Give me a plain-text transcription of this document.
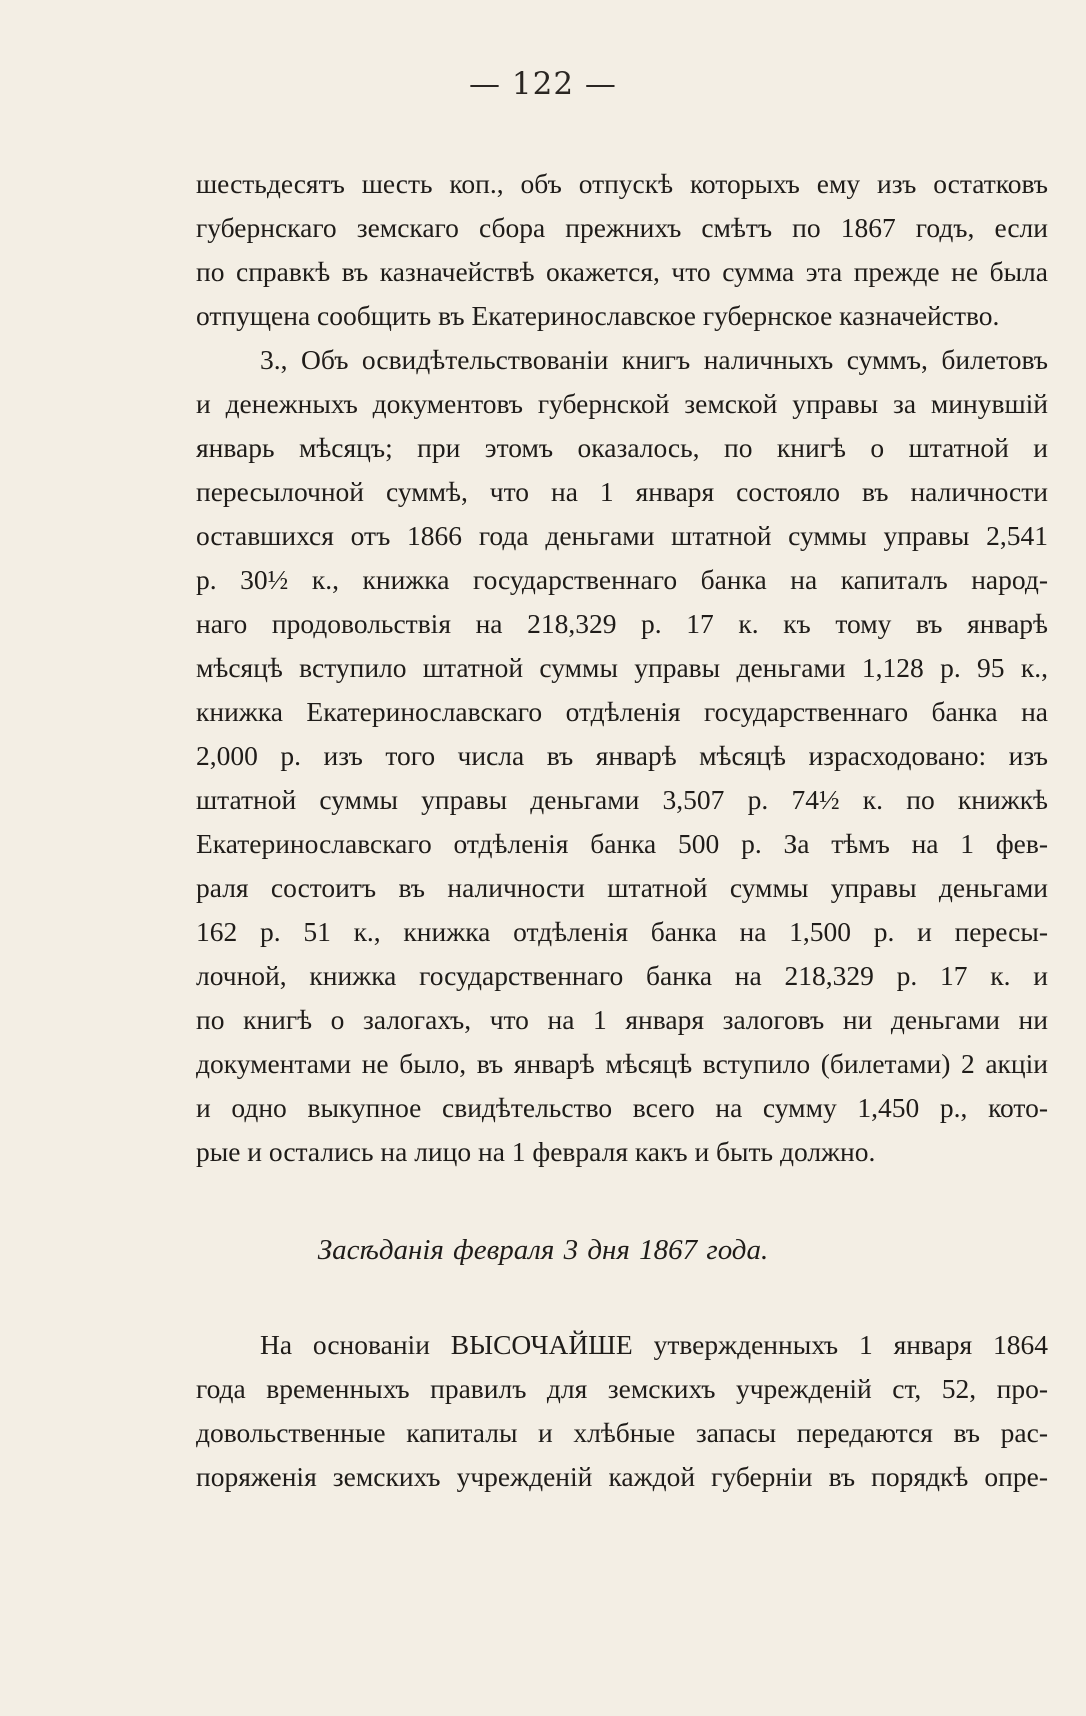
— 122 —
шестьдесятъ шесть коп., объ отпускѣ которыхъ ему изъ остатковъ
губернскаго земскаго сбора прежнихъ смѣтъ по 1867 годъ, если
по справкѣ въ казначействѣ окажется, что сумма эта прежде не была
отпущена сообщить въ Екатеринославское губернское казначейство.
3., Объ освидѣтельствованіи книгъ наличныхъ суммъ, билетовъ
и денежныхъ документовъ губернской земской управы за минувшій
январь мѣсяцъ; при этомъ оказалось, по книгѣ о штатной и
пересылочной суммѣ, что на 1 января состояло въ наличности
оставшихся отъ 1866 года деньгами штатной суммы управы 2,541
р. 30½ к., книжка государственнаго банка на капиталъ народ-
наго продовольствія на 218,329 р. 17 к. къ тому въ январѣ
мѣсяцѣ вступило штатной суммы управы деньгами 1,128 р. 95 к.,
книжка Екатеринославскаго отдѣленія государственнаго банка на
2,000 р. изъ того числа въ январѣ мѣсяцѣ израсходовано: изъ
штатной суммы управы деньгами 3,507 р. 74½ к. по книжкѣ
Екатеринославскаго отдѣленія банка 500 р. За тѣмъ на 1 фев-
раля состоитъ въ наличности штатной суммы управы деньгами
162 р. 51 к., книжка отдѣленія банка на 1,500 р. и пересы-
лочной, книжка государственнаго банка на 218,329 р. 17 к. и
по книгѣ о залогахъ, что на 1 января залоговъ ни деньгами ни
документами не было, въ январѣ мѣсяцѣ вступило (билетами) 2 акціи
и одно выкупное свидѣтельство всего на сумму 1,450 р., кото-
рые и остались на лицо на 1 февраля какъ и быть должно.
Засѣданія февраля 3 дня 1867 года.
На основаніи ВЫСОЧАЙШЕ утвержденныхъ 1 января 1864
года временныхъ правилъ для земскихъ учрежденій ст, 52, про-
довольственные капиталы и хлѣбные запасы передаются въ рас-
поряженія земскихъ учрежденій каждой губерніи въ порядкѣ опре-
